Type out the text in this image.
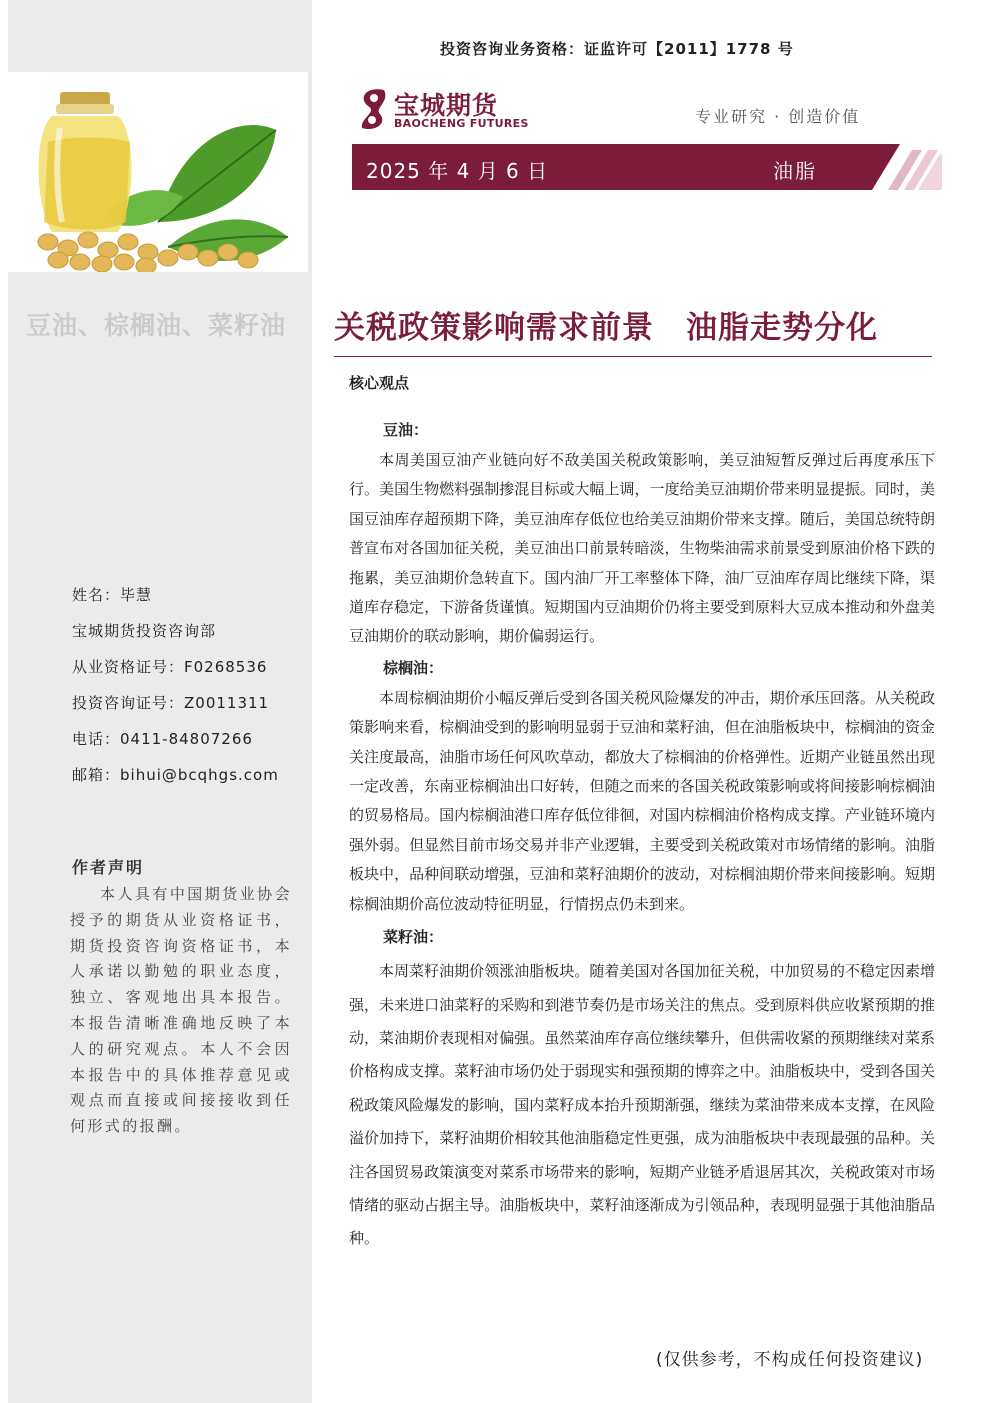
豆油、棕榈油、菜籽油
姓名：毕慧
宝城期货投资咨询部
从业资格证号：F0268536
投资咨询证号：Z0011311
电话：0411-84807266
邮箱：bihui@bcqhgs.com
作者声明
本人具有中国期货业协会授予的期货从业资格证书，期货投资咨询资格证书，本人承诺以勤勉的职业态度，独立、客观地出具本报告。本报告清晰准确地反映了本人的研究观点。本人不会因本报告中的具体推荐意见或观点而直接或间接接收到任何形式的报酬。
投资咨询业务资格：证监许可【2011】1778 号
宝城期货
BAOCHENG FUTURES	专业研究 · 创造价值
2025 年 4 月 6 日	油脂
关税政策影响需求前景　油脂走势分化
核心观点
豆油：

本周美国豆油产业链向好不敌美国关税政策影响，美豆油短暂反弹过后再度承压下行。美国生物燃料强制掺混目标或大幅上调，一度给美豆油期价带来明显提振。同时，美国豆油库存超预期下降，美豆油库存低位也给美豆油期价带来支撑。随后，美国总统特朗普宣布对各国加征关税，美豆油出口前景转暗淡，生物柴油需求前景受到原油价格下跌的拖累，美豆油期价急转直下。国内油厂开工率整体下降，油厂豆油库存周比继续下降，渠道库存稳定，下游备货谨慎。短期国内豆油期价仍将主要受到原料大豆成本推动和外盘美豆油期价的联动影响，期价偏弱运行。

棕榈油：

本周棕榈油期价小幅反弹后受到各国关税风险爆发的冲击，期价承压回落。从关税政策影响来看，棕榈油受到的影响明显弱于豆油和菜籽油，但在油脂板块中，棕榈油的资金关注度最高，油脂市场任何风吹草动，都放大了棕榈油的价格弹性。近期产业链虽然出现一定改善，东南亚棕榈油出口好转，但随之而来的各国关税政策影响或将间接影响棕榈油的贸易格局。国内棕榈油港口库存低位徘徊，对国内棕榈油价格构成支撑。产业链环境内强外弱。但显然目前市场交易并非产业逻辑，主要受到关税政策对市场情绪的影响。油脂板块中，品种间联动增强，豆油和菜籽油期价的波动，对棕榈油期价带来间接影响。短期棕榈油期价高位波动特征明显，行情拐点仍未到来。

菜籽油：

本周菜籽油期价领涨油脂板块。随着美国对各国加征关税，中加贸易的不稳定因素增强，未来进口油菜籽的采购和到港节奏仍是市场关注的焦点。受到原料供应收紧预期的推动，菜油期价表现相对偏强。虽然菜油库存高位继续攀升，但供需收紧的预期继续对菜系价格构成支撑。菜籽油市场仍处于弱现实和强预期的博弈之中。油脂板块中，受到各国关税政策风险爆发的影响，国内菜籽成本抬升预期渐强，继续为菜油带来成本支撑，在风险溢价加持下，菜籽油期价相较其他油脂稳定性更强，成为油脂板块中表现最强的品种。关注各国贸易政策演变对菜系市场带来的影响，短期产业链矛盾退居其次，关税政策对市场情绪的驱动占据主导。油脂板块中，菜籽油逐渐成为引领品种，表现明显强于其他油脂品种。

(仅供参考，不构成任何投资建议)
